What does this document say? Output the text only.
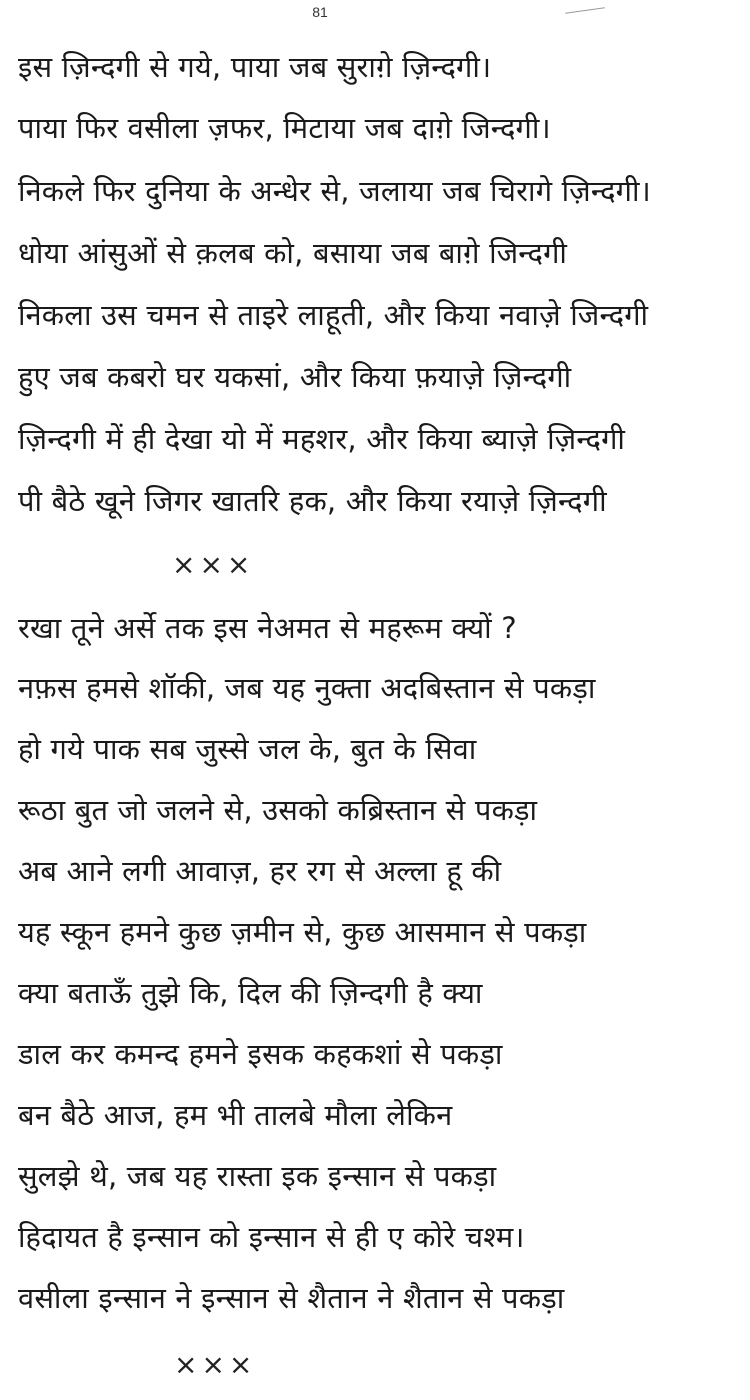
81
इस ज़िन्दगी से गये, पाया जब सुराग़े ज़िन्दगी।
पाया फिर वसीला ज़फर, मिटाया जब दाग़े जिन्दगी।
निकले फिर दुनिया के अन्धेर से, जलाया जब चिरागे ज़िन्दगी।
धोया आंसुओं से क़लब को, बसाया जब बाग़े जिन्दगी
निकला उस चमन से ताइरे लाहूती, और किया नवाज़े जिन्दगी
हुए जब कबरो घर यकसां, और किया फ़याज़े ज़िन्दगी
ज़िन्दगी में ही देखा यो में महशर, और किया ब्याज़े ज़िन्दगी
पी बैठे खूने जिगर खातरि हक, और किया रयाज़े ज़िन्दगी
×××
रखा तूने अर्से तक इस नेअमत से महरूम क्यों ?
नफ़स हमसे शॉकी, जब यह नुक्ता अदबिस्तान से पकड़ा
हो गये पाक सब जुस्से जल के, बुत के सिवा
रूठा बुत जो जलने से, उसको कब्रिस्तान से पकड़ा
अब आने लगी आवाज़, हर रग से अल्ला हू की
यह स्कून हमने कुछ ज़मीन से, कुछ आसमान से पकड़ा
क्या बताऊँ तुझे कि, दिल की ज़िन्दगी है क्या
डाल कर कमन्द हमने इसक कहकशां से पकड़ा
बन बैठे आज, हम भी तालबे मौला लेकिन
सुलझे थे, जब यह रास्ता इक इन्सान से पकड़ा
हिदायत है इन्सान को इन्सान से ही ए कोरे चश्म।
वसीला इन्सान ने इन्सान से शैतान ने शैतान से पकड़ा
×××
